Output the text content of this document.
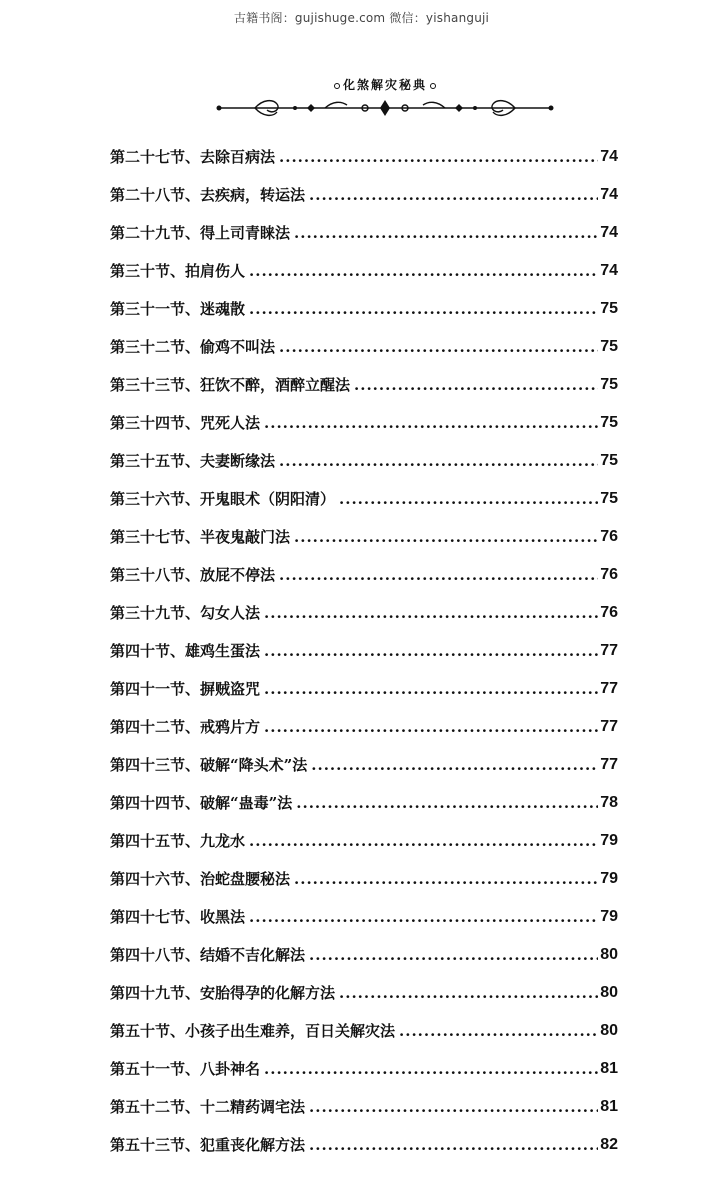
古籍书阁：gujishuge.com 微信：yishanguji
化煞解灾秘典
第二十七节、去除百病法 .....	74
第二十八节、去疾病，转运法 .....	74
第二十九节、得上司青睐法 .....	74
第三十节、拍肩伤人 .....	74
第三十一节、迷魂散 .....	75
第三十二节、偷鸡不叫法 .....	75
第三十三节、狂饮不醉，酒醉立醒法 .....	75
第三十四节、咒死人法 .....	75
第三十五节、夫妻断缘法 .....	75
第三十六节、开鬼眼术（阴阳清） .....	75
第三十七节、半夜鬼敲门法 .....	76
第三十八节、放屁不停法 .....	76
第三十九节、勾女人法 .....	76
第四十节、雄鸡生蛋法 .....	77
第四十一节、摒贼盗咒 .....	77
第四十二节、戒鸦片方 .....	77
第四十三节、破解“降头术”法 .....	77
第四十四节、破解“蛊毒”法 .....	78
第四十五节、九龙水 .....	79
第四十六节、治蛇盘腰秘法 .....	79
第四十七节、收黑法 .....	79
第四十八节、结婚不吉化解法 .....	80
第四十九节、安胎得孕的化解方法 .....	80
第五十节、小孩子出生难养，百日关解灾法 .....	80
第五十一节、八卦神名 .....	81
第五十二节、十二精药调宅法 .....	81
第五十三节、犯重丧化解方法 .....	82
